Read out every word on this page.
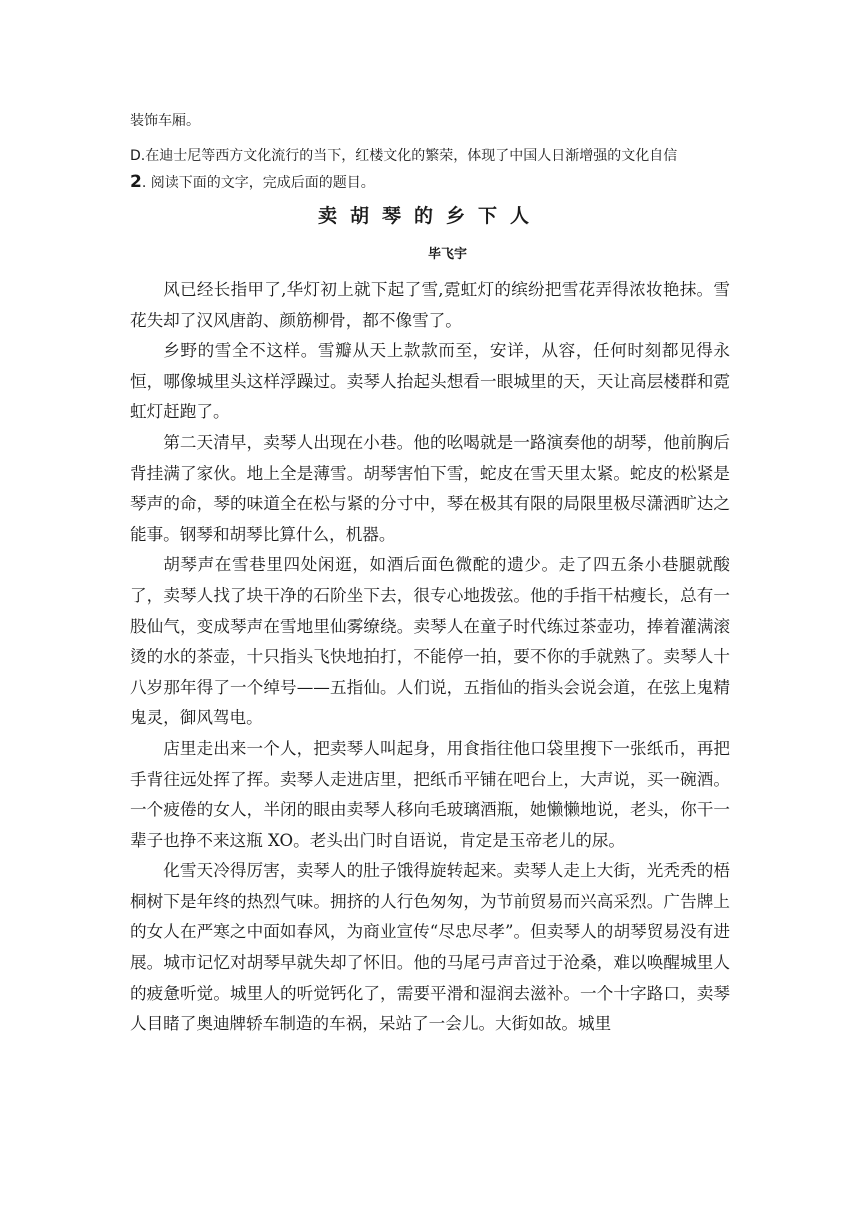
装饰车厢。
D.在迪士尼等西方文化流行的当下，红楼文化的繁荣，体现了中国人日渐增强的文化自信
2. 阅读下面的文字，完成后面的题目。
卖胡琴的乡下人
毕飞宇

风已经长指甲了,华灯初上就下起了雪,霓虹灯的缤纷把雪花弄得浓妆艳抹。雪花失却了汉风唐韵、颜筋柳骨，都不像雪了。

乡野的雪全不这样。雪瓣从天上款款而至，安详，从容，任何时刻都见得永恒，哪像城里头这样浮躁过。卖琴人抬起头想看一眼城里的天，天让高层楼群和霓虹灯赶跑了。

第二天清早，卖琴人出现在小巷。他的吆喝就是一路演奏他的胡琴，他前胸后背挂满了家伙。地上全是薄雪。胡琴害怕下雪，蛇皮在雪天里太紧。蛇皮的松紧是琴声的命，琴的味道全在松与紧的分寸中，琴在极其有限的局限里极尽潇洒旷达之能事。钢琴和胡琴比算什么，机器。

胡琴声在雪巷里四处闲逛，如酒后面色微酡的遗少。走了四五条小巷腿就酸了，卖琴人找了块干净的石阶坐下去，很专心地拨弦。他的手指干枯瘦长，总有一股仙气，变成琴声在雪地里仙雾缭绕。卖琴人在童子时代练过茶壶功，捧着灌满滚烫的水的茶壶，十只指头飞快地拍打，不能停一拍，要不你的手就熟了。卖琴人十八岁那年得了一个绰号——五指仙。人们说，五指仙的指头会说会道，在弦上鬼精鬼灵，御风驾电。

店里走出来一个人，把卖琴人叫起身，用食指往他口袋里搜下一张纸币，再把手背往远处挥了挥。卖琴人走进店里，把纸币平铺在吧台上，大声说，买一碗酒。一个疲倦的女人，半闭的眼由卖琴人移向毛玻璃酒瓶，她懒懒地说，老头，你干一辈子也挣不来这瓶 XO。老头出门时自语说，肯定是玉帝老儿的尿。

化雪天冷得厉害，卖琴人的肚子饿得旋转起来。卖琴人走上大街，光秃秃的梧桐树下是年终的热烈气味。拥挤的人行色匆匆，为节前贸易而兴高采烈。广告牌上的女人在严寒之中面如春风，为商业宣传“尽忠尽孝”。但卖琴人的胡琴贸易没有进展。城市记忆对胡琴早就失却了怀旧。他的马尾弓声音过于沧桑，难以唤醒城里人的疲惫听觉。城里人的听觉钙化了，需要平滑和湿润去滋补。一个十字路口，卖琴人目睹了奥迪牌轿车制造的车祸，呆站了一会儿。大街如故。城里
